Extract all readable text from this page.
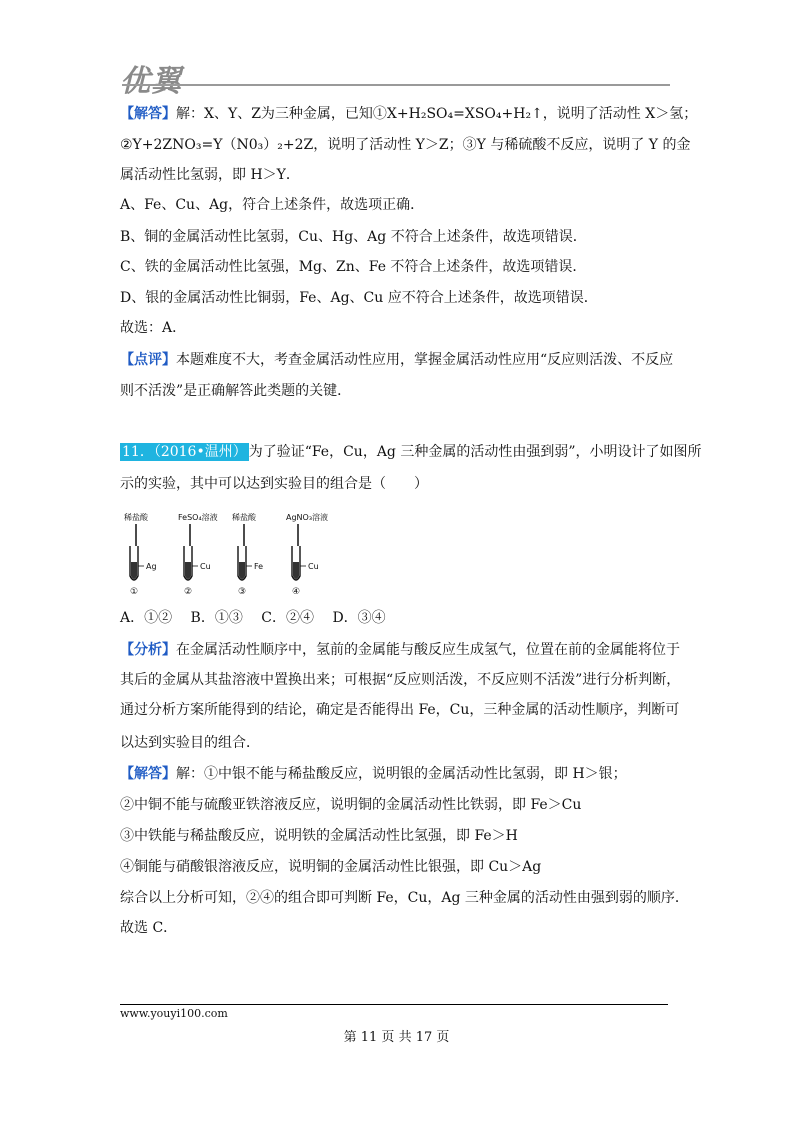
优翼
【解答】解：X、Y、Z为三种金属，已知①X+H₂SO₄=XSO₄+H₂↑，说明了活动性 X＞氢；
②Y+2ZNO₃=Y（N0₃）₂+2Z，说明了活动性 Y＞Z；③Y 与稀硫酸不反应，说明了 Y 的金
属活动性比氢弱，即 H＞Y．
A、Fe、Cu、Ag，符合上述条件，故选项正确．
B、铜的金属活动性比氢弱，Cu、Hg、Ag 不符合上述条件，故选项错误．
C、铁的金属活动性比氢强，Mg、Zn、Fe 不符合上述条件，故选项错误．
D、银的金属活动性比铜弱，Fe、Ag、Cu 应不符合上述条件，故选项错误．
故选：A．
【点评】本题难度不大，考查金属活动性应用，掌握金属活动性应用“反应则活泼、不反应
则不活泼”是正确解答此类题的关键．
11．（2016•温州） 为了验证“Fe，Cu，Ag 三种金属的活动性由强到弱”，小明设计了如图所
示的实验，其中可以达到实验目的组合是（　　）
A．①②　 B．①③　 C．②④　 D．③④
【分析】在金属活动性顺序中，氢前的金属能与酸反应生成氢气，位置在前的金属能将位于
其后的金属从其盐溶液中置换出来；可根据“反应则活泼，不反应则不活泼”进行分析判断，
通过分析方案所能得到的结论，确定是否能得出 Fe，Cu，三种金属的活动性顺序，判断可
以达到实验目的组合．
【解答】解：①中银不能与稀盐酸反应，说明银的金属活动性比氢弱，即 H＞银；
②中铜不能与硫酸亚铁溶液反应，说明铜的金属活动性比铁弱，即 Fe＞Cu
③中铁能与稀盐酸反应，说明铁的金属活动性比氢强，即 Fe＞H
④铜能与硝酸银溶液反应，说明铜的金属活动性比银强，即 Cu＞Ag
综合以上分析可知，②④的组合即可判断 Fe，Cu，Ag 三种金属的活动性由强到弱的顺序．
故选 C．
稀盐酸
Ag
①
FeSO₄溶液
Cu
②
稀盐酸
Fe
③
AgNO₃溶液
Cu
④
www.youyi100.com
第 11 页 共 17 页
